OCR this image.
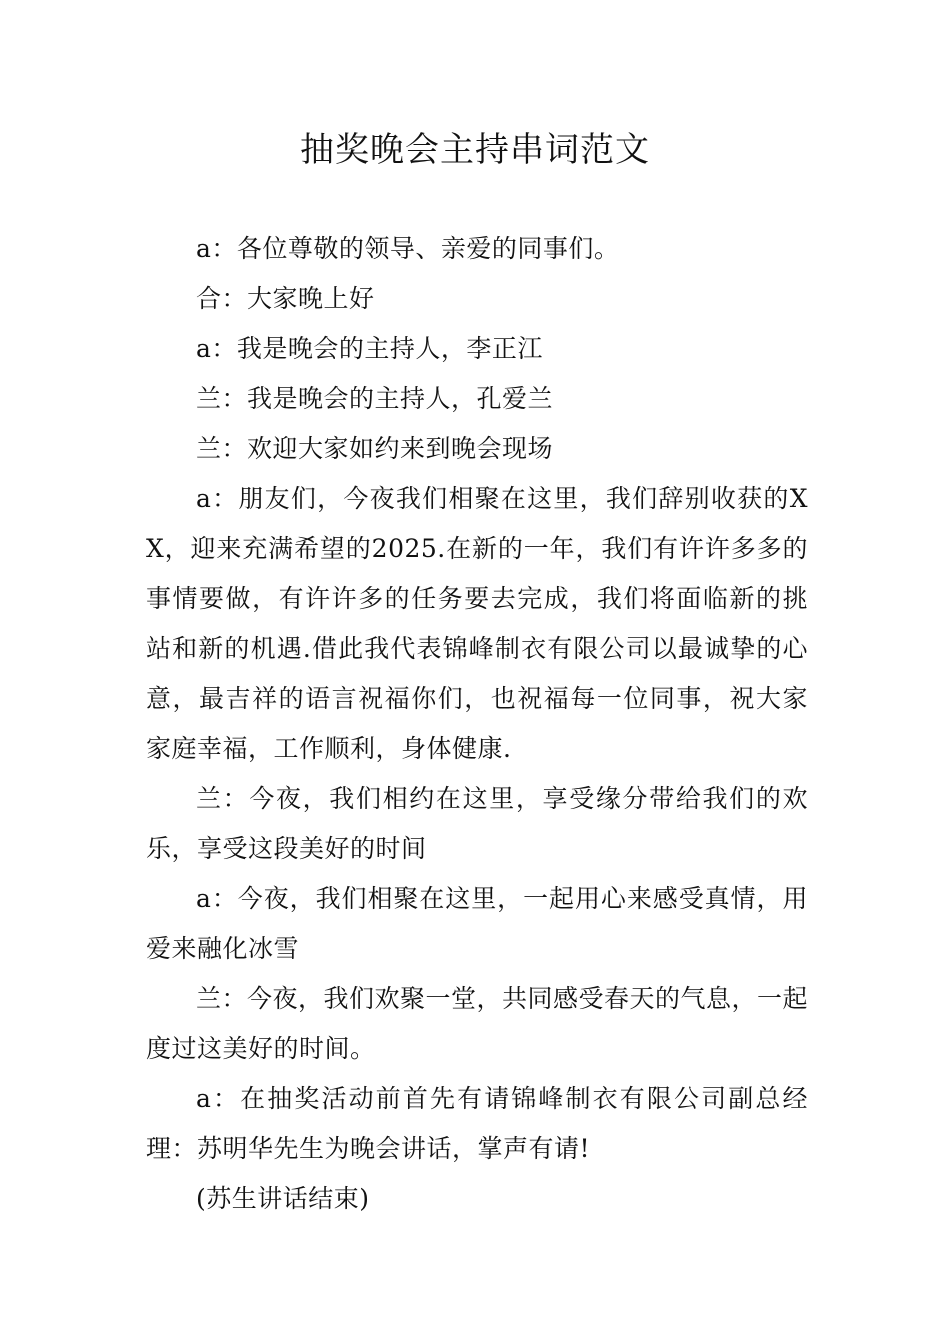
抽奖晚会主持串词范文

a：各位尊敬的领导、亲爱的同事们。

合：大家晚上好

a：我是晚会的主持人，李正江

兰：我是晚会的主持人，孔爱兰

兰：欢迎大家如约来到晚会现场

a：朋友们，今夜我们相聚在这里，我们辞别收获的XX，迎来充满希望的2025.在新的一年，我们有许许多多的事情要做，有许许多的任务要去完成，我们将面临新的挑站和新的机遇.借此我代表锦峰制衣有限公司以最诚挚的心意，最吉祥的语言祝福你们，也祝福每一位同事，祝大家家庭幸福，工作顺利，身体健康.

兰：今夜，我们相约在这里，享受缘分带给我们的欢乐，享受这段美好的时间

a：今夜，我们相聚在这里，一起用心来感受真情，用爱来融化冰雪

兰：今夜，我们欢聚一堂，共同感受春天的气息，一起度过这美好的时间。

a：在抽奖活动前首先有请锦峰制衣有限公司副总经理：苏明华先生为晚会讲话，掌声有请!

(苏生讲话结束)
